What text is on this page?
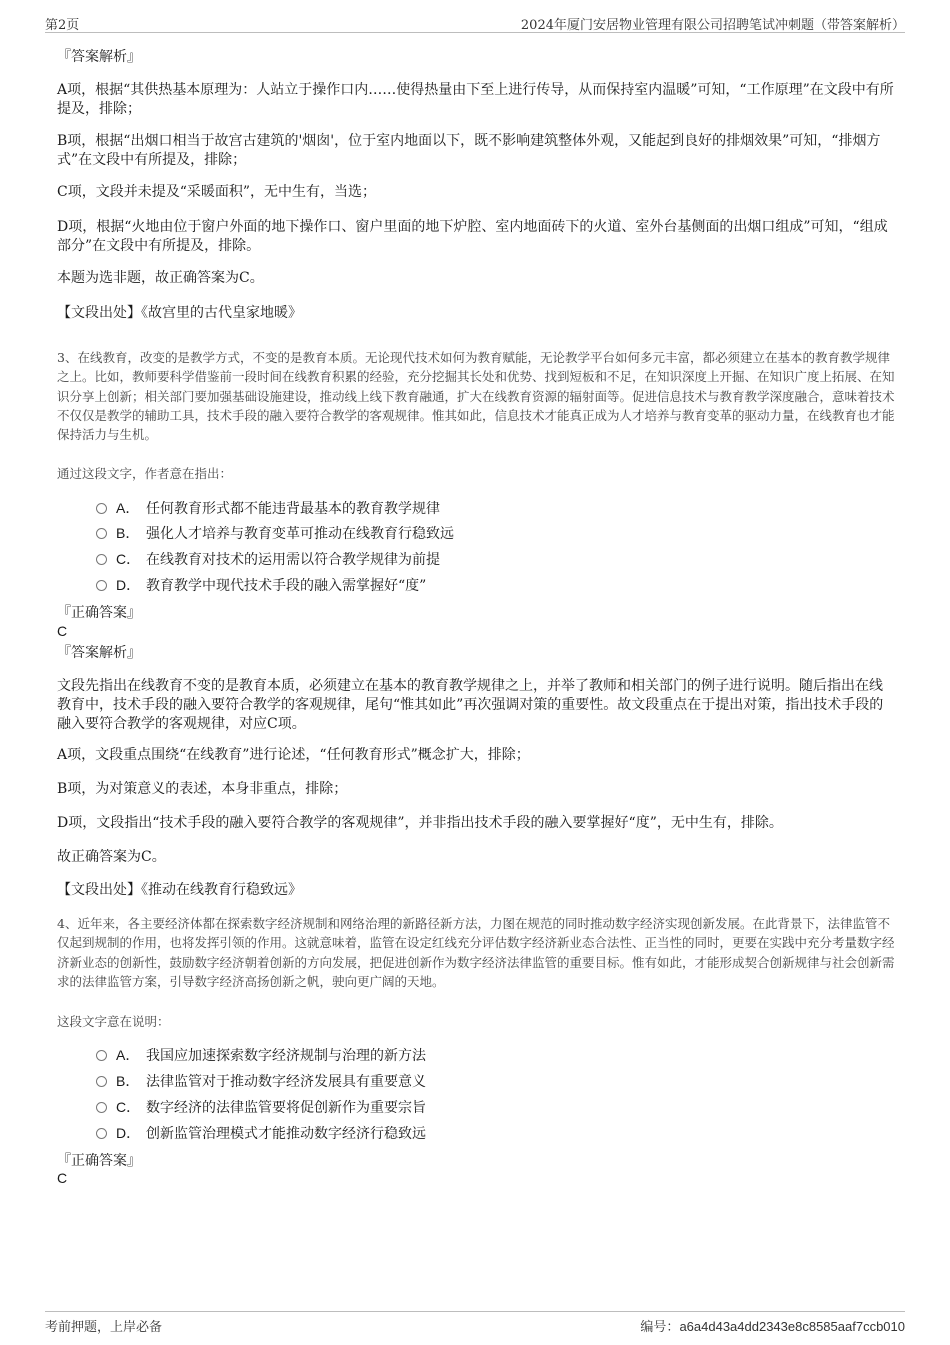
第2页	2024年厦门安居物业管理有限公司招聘笔试冲刺题（带答案解析）
『答案解析』

A项，根据“其供热基本原理为：人站立于操作口内……使得热量由下至上进行传导，从而保持室内温暖”可知，“工作原理”在文段中有所提及，排除；

B项，根据“出烟口相当于故宫古建筑的'烟囱'，位于室内地面以下，既不影响建筑整体外观，又能起到良好的排烟效果”可知，“排烟方式”在文段中有所提及，排除；

C项，文段并未提及“采暖面积”，无中生有，当选；

D项，根据“火地由位于窗户外面的地下操作口、窗户里面的地下炉腔、室内地面砖下的火道、室外台基侧面的出烟口组成”可知，“组成部分”在文段中有所提及，排除。

本题为选非题，故正确答案为C。

【文段出处】《故宫里的古代皇家地暖》

3、在线教育，改变的是教学方式，不变的是教育本质。无论现代技术如何为教育赋能，无论教学平台如何多元丰富，都必须建立在基本的教育教学规律之上。比如，教师要科学借鉴前一段时间在线教育积累的经验，充分挖掘其长处和优势、找到短板和不足，在知识深度上开掘、在知识广度上拓展、在知识分享上创新；相关部门要加强基础设施建设，推动线上线下教育融通，扩大在线教育资源的辐射面等。促进信息技术与教育教学深度融合，意味着技术不仅仅是教学的辅助工具，技术手段的融入要符合教学的客观规律。惟其如此，信息技术才能真正成为人才培养与教育变革的驱动力量，在线教育也才能保持活力与生机。

通过这段文字，作者意在指出：

A． 任何教育形式都不能违背最基本的教育教学规律
B． 强化人才培养与教育变革可推动在线教育行稳致远
C． 在线教育对技术的运用需以符合教学规律为前提
D． 教育教学中现代技术手段的融入需掌握好“度”
『正确答案』
C
『答案解析』

文段先指出在线教育不变的是教育本质，必须建立在基本的教育教学规律之上，并举了教师和相关部门的例子进行说明。随后指出在线教育中，技术手段的融入要符合教学的客观规律，尾句“惟其如此”再次强调对策的重要性。故文段重点在于提出对策，指出技术手段的融入要符合教学的客观规律，对应C项。

A项，文段重点围绕“在线教育”进行论述，“任何教育形式”概念扩大，排除；

B项，为对策意义的表述，本身非重点，排除；

D项，文段指出“技术手段的融入要符合教学的客观规律”，并非指出技术手段的融入要掌握好“度”，无中生有，排除。

故正确答案为C。

【文段出处】《推动在线教育行稳致远》

4、近年来，各主要经济体都在探索数字经济规制和网络治理的新路径新方法，力图在规范的同时推动数字经济实现创新发展。在此背景下，法律监管不仅起到规制的作用，也将发挥引领的作用。这就意味着，监管在设定红线充分评估数字经济新业态合法性、正当性的同时，更要在实践中充分考量数字经济新业态的创新性，鼓励数字经济朝着创新的方向发展，把促进创新作为数字经济法律监管的重要目标。惟有如此，才能形成契合创新规律与社会创新需求的法律监管方案，引导数字经济高扬创新之帆，驶向更广阔的天地。

这段文字意在说明：

A． 我国应加速探索数字经济规制与治理的新方法
B． 法律监管对于推动数字经济发展具有重要意义
C． 数字经济的法律监管要将促创新作为重要宗旨
D． 创新监管治理模式才能推动数字经济行稳致远
『正确答案』
C
考前押题，上岸必备	编号：a6a4d43a4dd2343e8c8585aaf7ccb010
